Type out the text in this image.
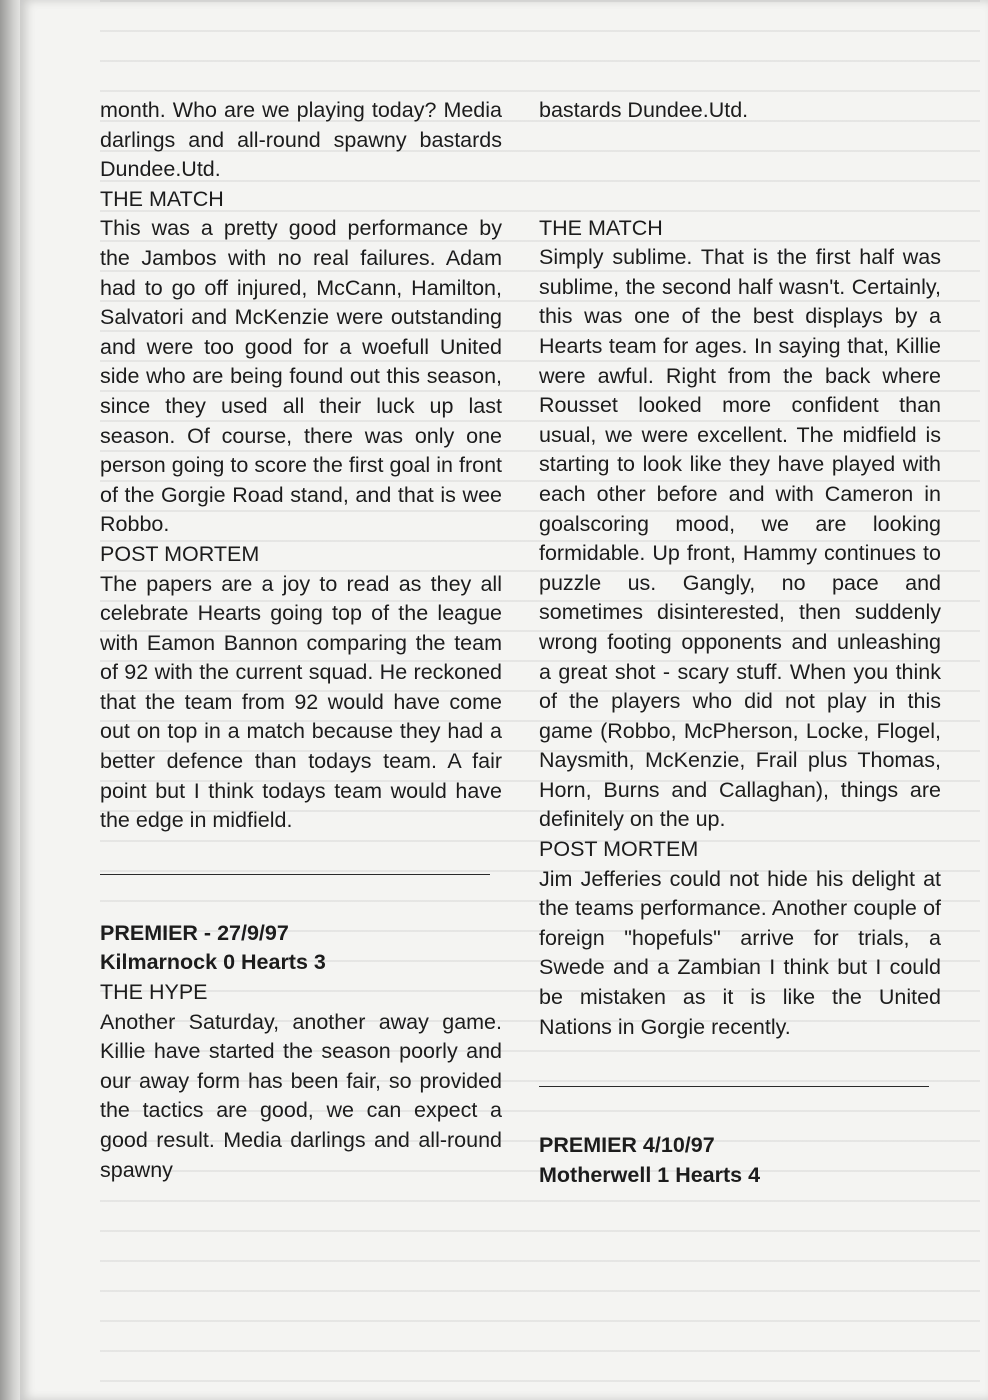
month. Who are we playing today? Media darlings and all-round spawny bastards Dundee.Utd.

THE MATCH

This was a pretty good performance by the Jambos with no real failures. Adam had to go off injured, McCann, Hamilton, Salvatori and McKenzie were outstanding and were too good for a woefull United side who are being found out this season, since they used all their luck up last season. Of course, there was only one person going to score the first goal in front of the Gorgie Road stand, and that is wee Robbo.

POST MORTEM

The papers are a joy to read as they all celebrate Hearts going top of the league with Eamon Bannon comparing the team of 92 with the current squad. He reckoned that the team from 92 would have come out on top in a match because they had a better defence than todays team. A fair point but I think todays team would have the edge in midfield.

PREMIER - 27/9/97

Kilmarnock 0 Hearts 3

THE HYPE

Another Saturday, another away game. Killie have started the season poorly and our away form has been fair, so provided the tactics are good, we can expect a good result. Media darlings and all-round spawny

bastards Dundee.Utd.

THE MATCH

Simply sublime. That is the first half was sublime, the second half wasn't. Certainly, this was one of the best displays by a Hearts team for ages. In saying that, Killie were awful. Right from the back where Rousset looked more confident than usual, we were excellent. The midfield is starting to look like they have played with each other before and with Cameron in goalscoring mood, we are looking formidable. Up front, Hammy continues to puzzle us. Gangly, no pace and sometimes disinterested, then suddenly wrong footing opponents and unleashing a great shot - scary stuff. When you think of the players who did not play in this game (Robbo, McPherson, Locke, Flogel, Naysmith, McKenzie, Frail plus Thomas, Horn, Burns and Callaghan), things are definitely on the up.

POST MORTEM

Jim Jefferies could not hide his delight at the teams performance. Another couple of foreign "hopefuls" arrive for trials, a Swede and a Zambian I think but I could be mistaken as it is like the United Nations in Gorgie recently.

PREMIER 4/10/97

Motherwell 1 Hearts 4
